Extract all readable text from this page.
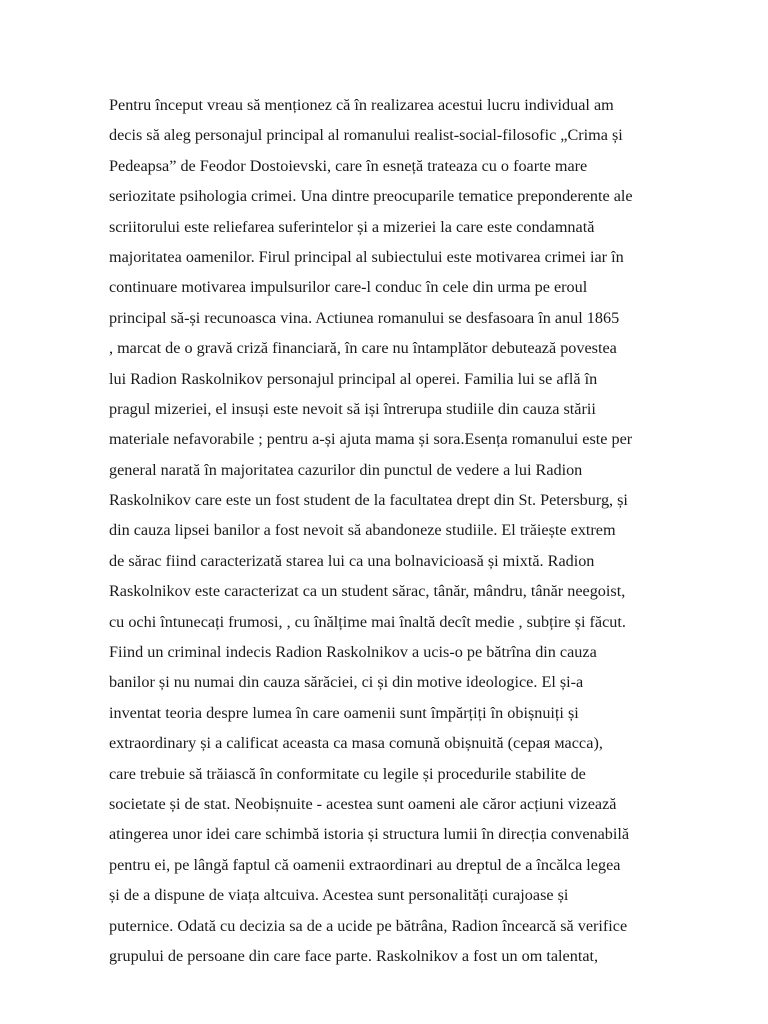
Pentru început vreau să menționez că în realizarea acestui lucru individual am
decis să aleg personajul principal al romanului realist-social-filosofic „Crima și
Pedeapsa” de Feodor Dostoievski, care în esneță trateaza cu o foarte mare
seriozitate psihologia crimei. Una dintre preocuparile tematice preponderente ale
scriitorului este reliefarea suferintelor și a mizeriei la care este condamnată
majoritatea oamenilor. Firul principal al subiectului este motivarea crimei iar în
continuare motivarea impulsurilor care-l conduc în cele din urma pe eroul
principal să-și recunoasca vina. Actiunea romanului se desfasoara în anul 1865
, marcat de o gravă criză financiară, în care nu întamplător debutează povestea
lui Radion Raskolnikov personajul principal al operei. Familia lui se află în
pragul mizeriei, el insuși este nevoit să iși întrerupa studiile din cauza stării
materiale nefavorabile ; pentru a-și ajuta mama și sora.Esența romanului este per
general narată în majoritatea cazurilor din punctul de vedere a lui Radion
Raskolnikov care este un fost student de la facultatea drept din St. Petersburg, și
din cauza lipsei banilor a fost nevoit să abandoneze studiile. El trăiește extrem
de sărac fiind caracterizată starea lui ca una bolnavicioasă și mixtă. Radion
Raskolnikov este caracterizat ca un student sărac, tânăr, mândru, tânăr neegoist,
cu ochi întunecați frumosi, , cu înălțime mai înaltă decît medie , subțire și făcut.
Fiind un criminal indecis Radion Raskolnikov a ucis-o pe bătrîna din cauza
banilor și nu numai din cauza sărăciei, ci și din motive ideologice. El și-a
inventat teoria despre lumea în care oamenii sunt împărțiți în obișnuiți și
extraordinary și a calificat aceasta ca masa comună obișnuită (серая масса),
care trebuie să trăiască în conformitate cu legile și procedurile stabilite de
societate și de stat. Neobișnuite - acestea sunt oameni ale căror acțiuni vizează
atingerea unor idei care schimbă istoria și structura lumii în direcția convenabilă
pentru ei, pe lângă faptul că oamenii extraordinari au dreptul de a încălca legea
și de a dispune de viața altcuiva. Acestea sunt personalități curajoase și
puternice. Odată cu decizia sa de a ucide pe bătrâna, Radion încearcă să verifice
grupului de persoane din care face parte. Raskolnikov a fost un om talentat,
